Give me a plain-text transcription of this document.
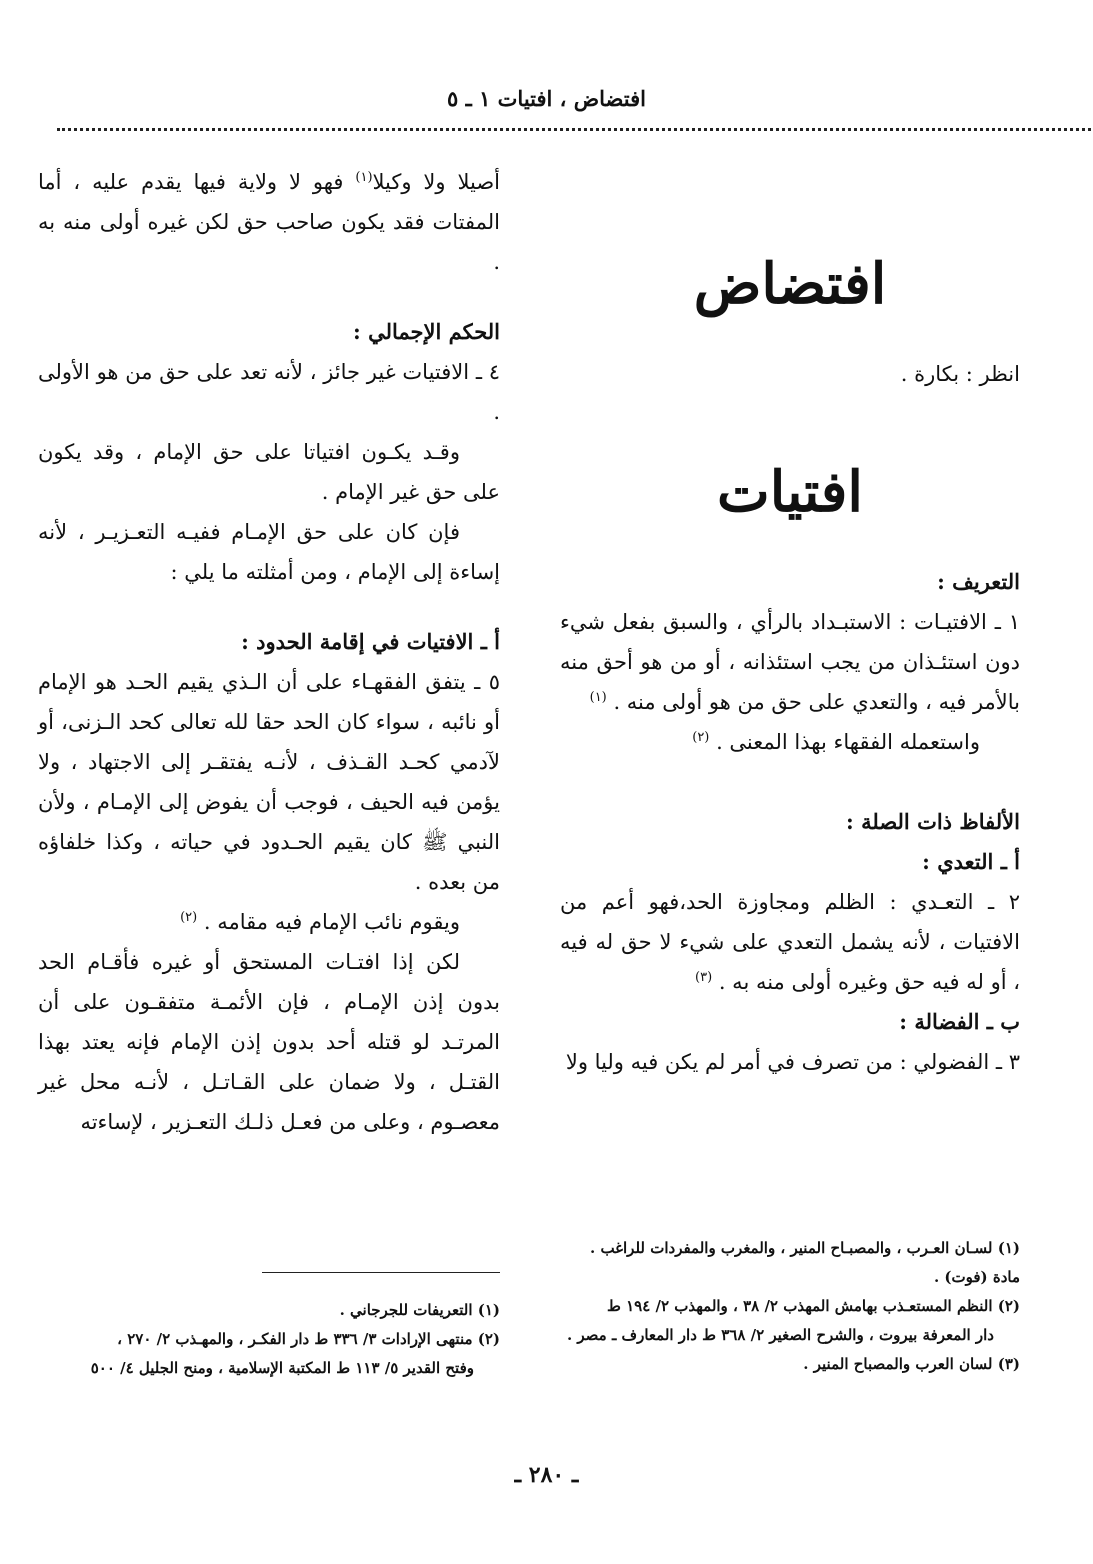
افتضاض ، افتيات ١ ـ ٥
افتضاض

انظر : بكارة .

افتيات

التعريف :

١ ـ الافتيـات : الاستبـداد بالرأي ، والسبق بفعل شيء دون استئـذان من يجب استئذانه ، أو من هو أحق منه بالأمر فيه ، والتعدي على حق من هو أولى منه . $^{(١)}$

واستعمله الفقهاء بهذا المعنى . $^{(٢)}$

الألفاظ ذات الصلة :

أ ـ التعدي :

٢ ـ التعـدي : الظلم ومجاوزة الحد،فهو أعم من الافتيات ، لأنه يشمل التعدي على شيء لا حق له فيه ، أو له فيه حق وغيره أولى منه به . $^{(٣)}$

ب ـ الفضالة :

٣ ـ الفضولي : من تصرف في أمر لم يكن فيه وليا ولا

أصيلا ولا وكيلا$^{(١)}$ فهو لا ولاية فيها يقدم عليه ، أما المفتات فقد يكون صاحب حق لكن غيره أولى منه به .

الحكم الإجمالي :

٤ ـ الافتيات غير جائز ، لأنه تعد على حق من هو الأولى .

وقـد يكـون افتياتا على حق الإمام ، وقد يكون على حق غير الإمام .

فإن كان على حق الإمـام ففيـه التعـزيـر ، لأنه إساءة إلى الإمام ، ومن أمثلته ما يلي :

أ ـ الافتيات في إقامة الحدود :

٥ ـ يتفق الفقهـاء على أن الـذي يقيم الحـد هو الإمام أو نائبه ، سواء كان الحد حقا لله تعالى كحد الـزنى، أو لآدمي كحـد القـذف ، لأنـه يفتقـر إلى الاجتهاد ، ولا يؤمن فيه الحيف ، فوجب أن يفوض إلى الإمـام ، ولأن النبي ﷺ كان يقيم الحـدود في حياته ، وكذا خلفاؤه من بعده .

ويقوم نائب الإمام فيه مقامه . $^{(٢)}$

لكن إذا افتـات المستحق أو غيره فأقـام الحد بدون إذن الإمـام ، فإن الأئمـة متفقـون على أن المرتـد لو قتله أحد بدون إذن الإمام فإنه يعتد بهذا القتـل ، ولا ضمان على القـاتـل ، لأنـه محل غير معصـوم ، وعلى من فعـل ذلـك التعـزير ، لإساءته

(١) لسـان العـرب ، والمصبـاح المنير ، والمغرب والمفردات للراغب . مادة (فوت) .

(٢) النظم المستعـذب بهامش المهذب ٢/ ٣٨ ، والمهذب ٢/ ١٩٤ ط

دار المعرفة بيروت ، والشرح الصغير ٢/ ٣٦٨ ط دار المعارف ـ مصر .

(٣) لسان العرب والمصباح المنير .

(١) التعريفات للجرجاني .

(٢) منتهى الإرادات ٣/ ٣٣٦ ط دار الفكـر ، والمهـذب ٢/ ٢٧٠ ،

وفتح القدير ٥/ ١١٣ ط المكتبة الإسلامية ، ومنح الجليل ٤/ ٥٠٠

ـ ٢٨٠ ـ
